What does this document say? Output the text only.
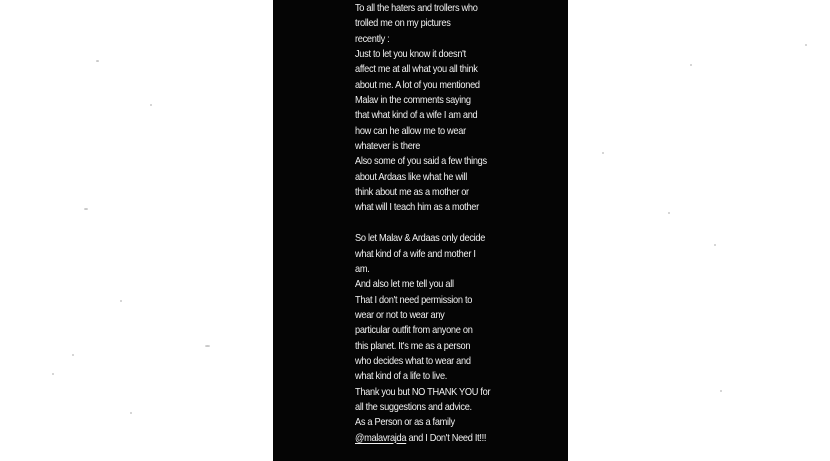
To all the haters and trollers who
trolled me on my pictures
recently :
Just to let you know it doesn't
affect me at all what you all think
about me. A lot of you mentioned
Malav in the comments saying
that what kind of a wife I am and
how can he allow me to wear
whatever is there
Also some of you said a few things
about Ardaas like what he will
think about me as a mother or
what will I teach him as a mother
So let Malav & Ardaas only decide
what kind of a wife and mother I
am.
And also let me tell you all
That I don't need permission to
wear or not to wear any
particular outfit from anyone on
this planet. It's me as a person
who decides what to wear and
what kind of a life to live.
Thank you but NO THANK YOU for
all the suggestions and advice.
As a Person or as a family
@malavrajda and I Don't Need It!!!
